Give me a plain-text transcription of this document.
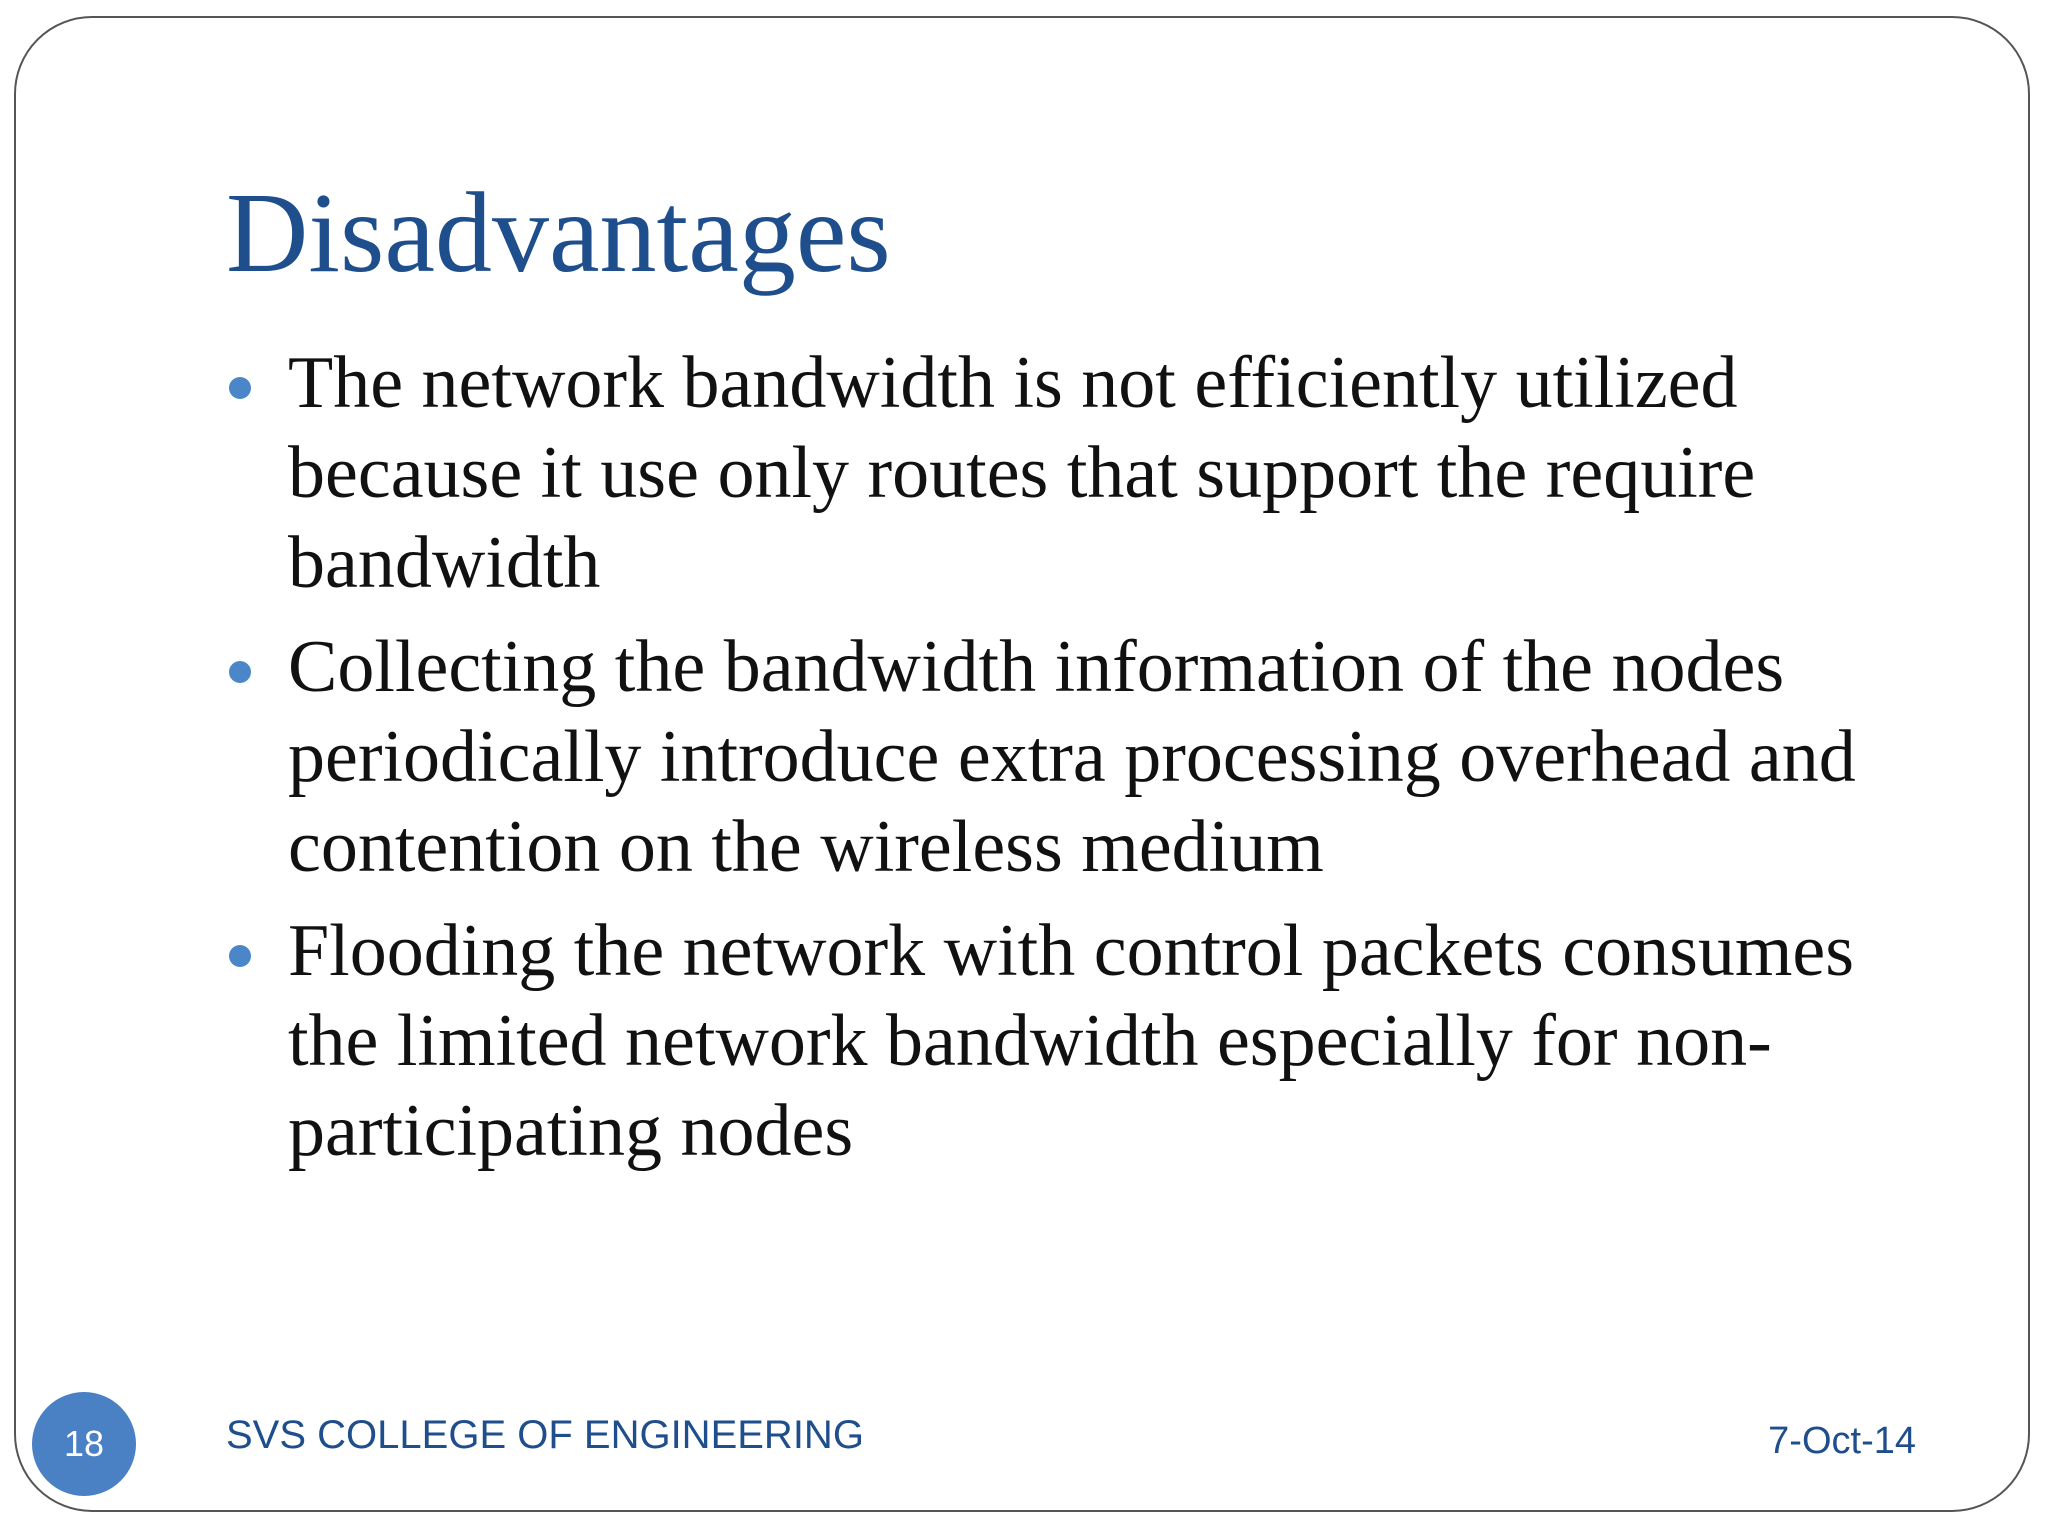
Disadvantages
The network bandwidth is not efficiently utilized because it use only routes that support the require bandwidth
Collecting the bandwidth information of the nodes periodically introduce extra processing overhead and contention on the wireless medium
Flooding the network with control packets consumes the limited network bandwidth especially for non-participating nodes
18	SVS COLLEGE OF ENGINEERING	7-Oct-14
